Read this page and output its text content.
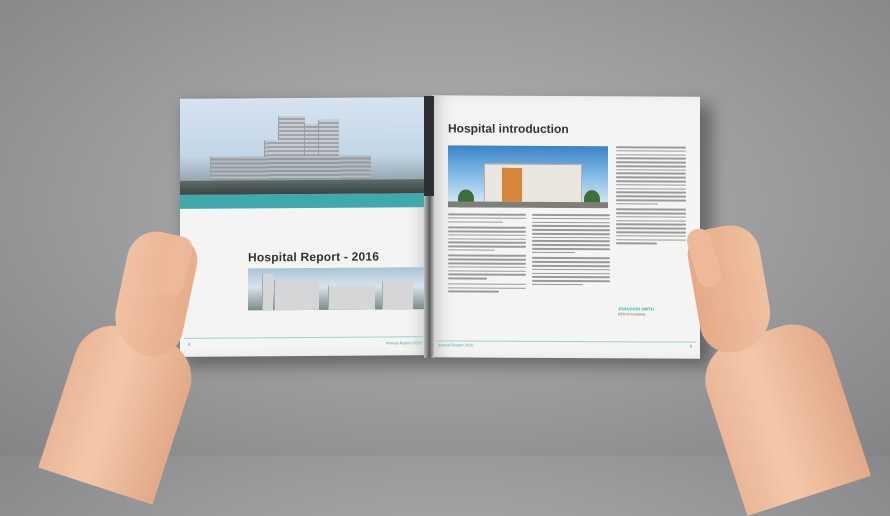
Hospital Report - 2016
4	Annual Report 2016
Hospital introduction
JONATHON SMITH
CEO of Company
Annual Report 2016	5
